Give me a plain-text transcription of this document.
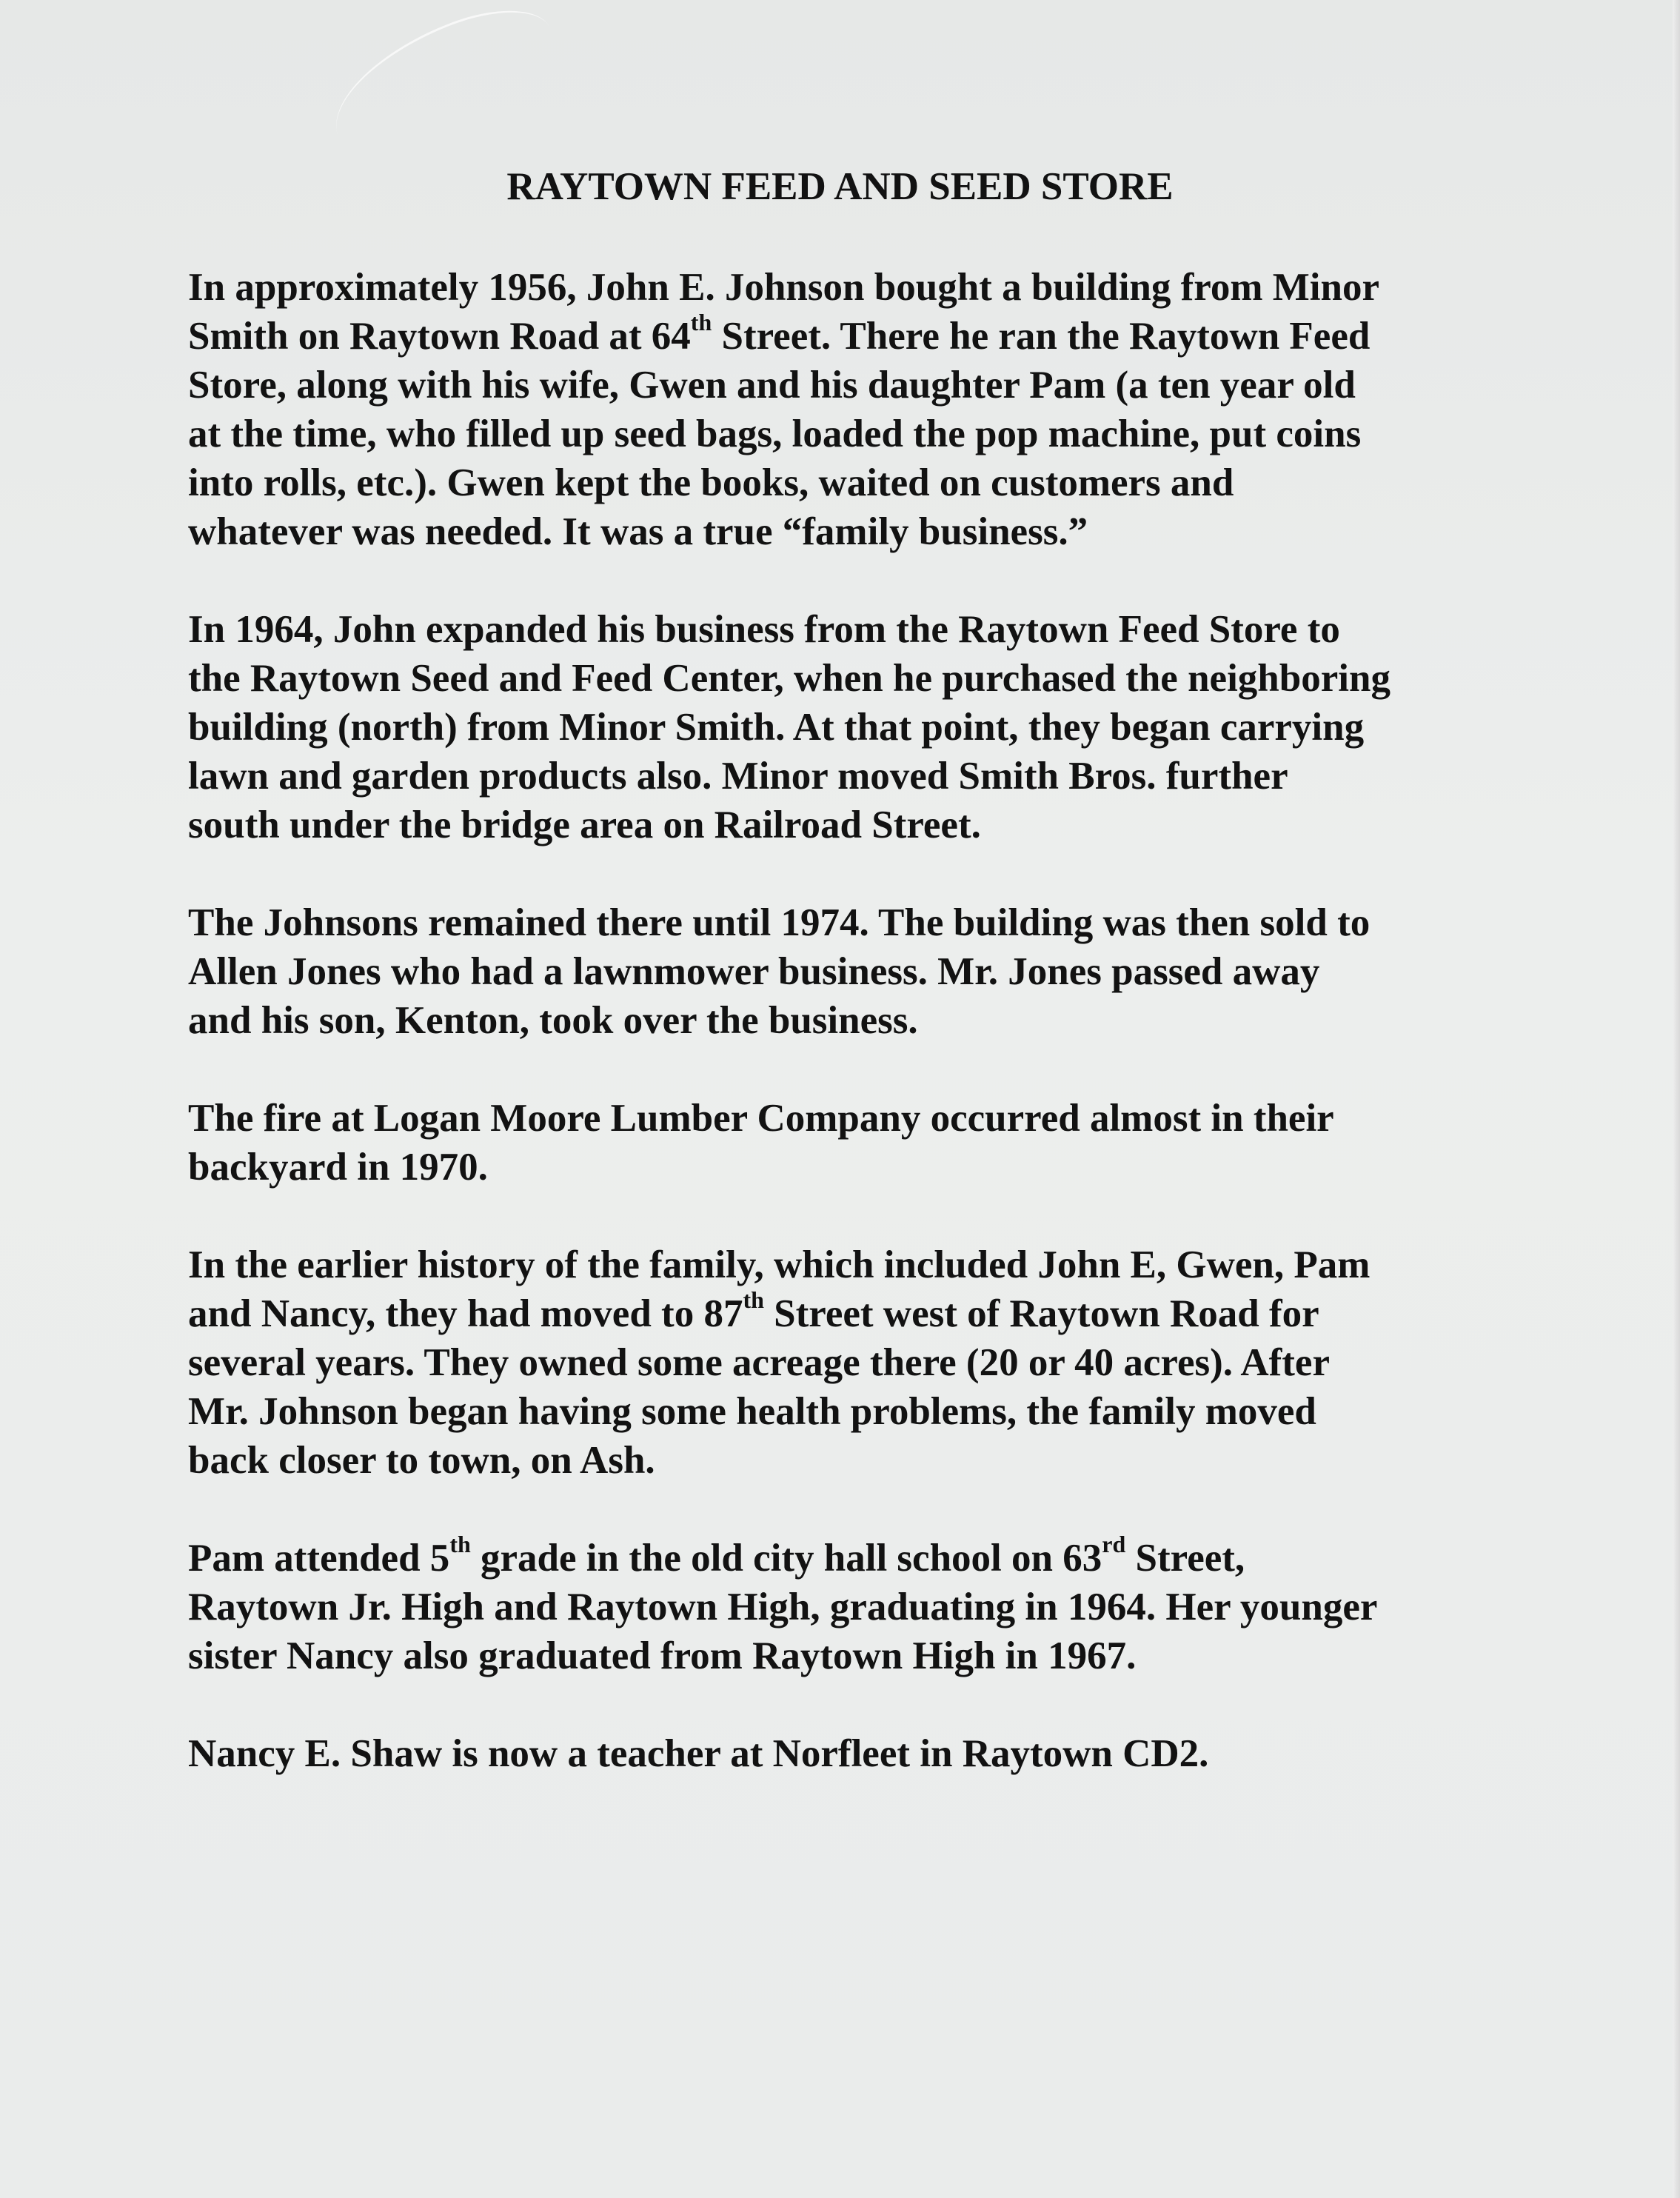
RAYTOWN FEED AND SEED STORE
In approximately 1956, John E. Johnson bought a building from Minor
Smith on Raytown Road at 64th Street. There he ran the Raytown Feed
Store, along with his wife, Gwen and his daughter Pam (a ten year old
at the time, who filled up seed bags, loaded the pop machine, put coins
into rolls, etc.). Gwen kept the books, waited on customers and
whatever was needed. It was a true “family business.”
In 1964, John expanded his business from the Raytown Feed Store to
the Raytown Seed and Feed Center, when he purchased the neighboring
building (north) from Minor Smith. At that point, they began carrying
lawn and garden products also. Minor moved Smith Bros. further
south under the bridge area on Railroad Street.
The Johnsons remained there until 1974. The building was then sold to
Allen Jones who had a lawnmower business. Mr. Jones passed away
and his son, Kenton, took over the business.
The fire at Logan Moore Lumber Company occurred almost in their
backyard in 1970.
In the earlier history of the family, which included John E, Gwen, Pam
and Nancy, they had moved to 87th Street west of Raytown Road for
several years. They owned some acreage there (20 or 40 acres). After
Mr. Johnson began having some health problems, the family moved
back closer to town, on Ash.
Pam attended 5th grade in the old city hall school on 63rd Street,
Raytown Jr. High and Raytown High, graduating in 1964. Her younger
sister Nancy also graduated from Raytown High in 1967.
Nancy E. Shaw is now a teacher at Norfleet in Raytown CD2.
